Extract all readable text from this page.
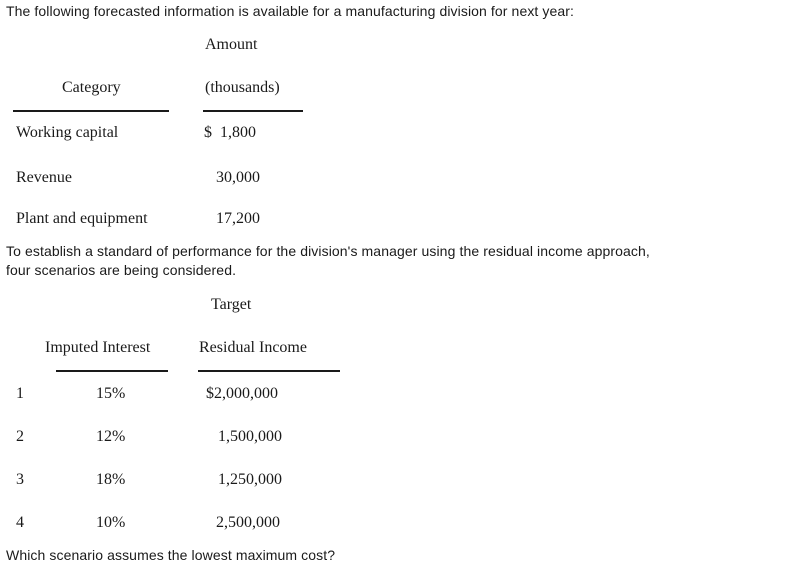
The following forecasted information is available for a manufacturing division for next year:
Amount
Category	(thousands)
Working capital	$  1,800
Revenue	30,000
Plant and equipment	17,200
To establish a standard of performance for the division's manager using the residual income approach,
four scenarios are being considered.
Target
Imputed Interest	Residual Income
1	15%	$2,000,000
2	12%	1,500,000
3	18%	1,250,000
4	10%	2,500,000
Which scenario assumes the lowest maximum cost?
